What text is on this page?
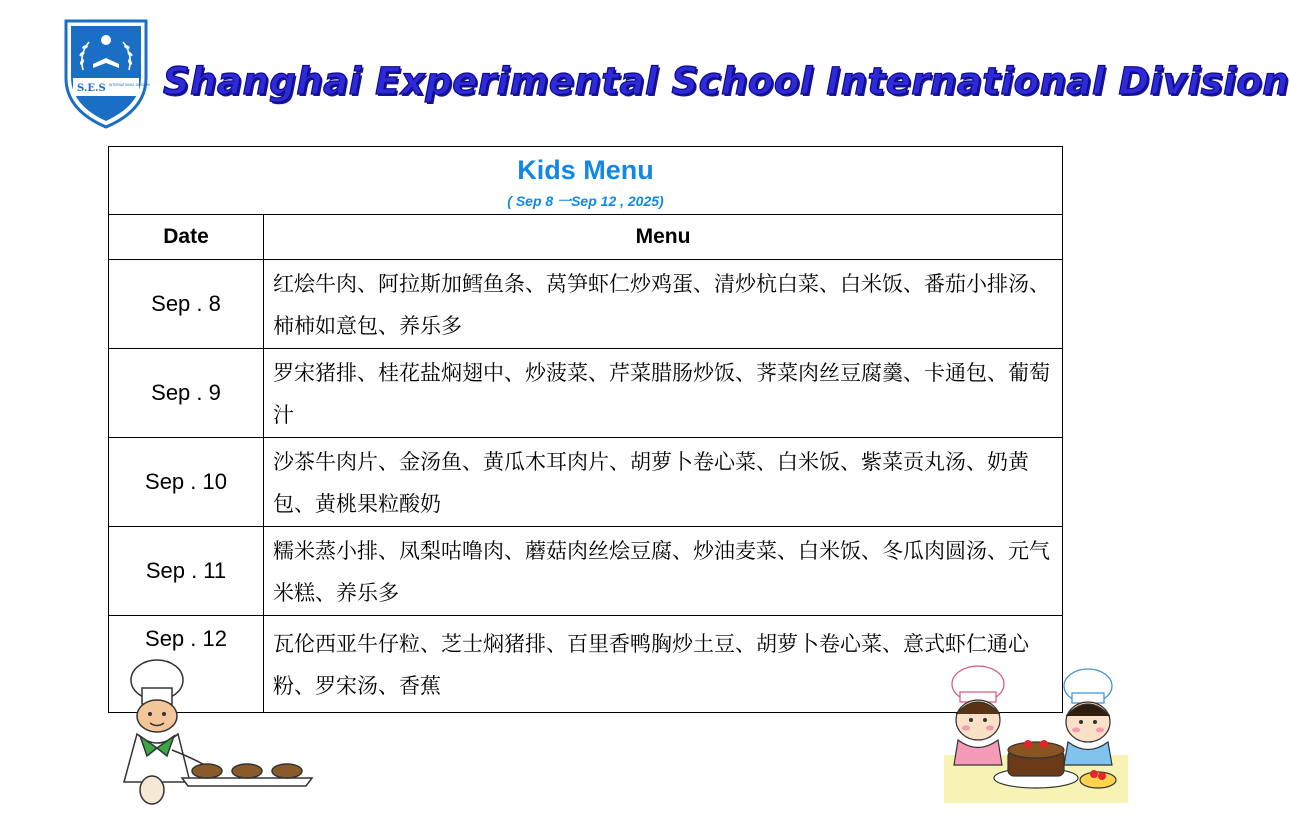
S.E.S INTERNATIONAL DIVISION Shanghai Experimental School International Division
Kids Menu
( Sep 8 一Sep 12 , 2025)	

Date	Menu
Sep . 8	红烩牛肉、阿拉斯加鳕鱼条、莴笋虾仁炒鸡蛋、清炒杭白菜、白米饭、番茄小排汤、柿柿如意包、养乐多
Sep . 9	罗宋猪排、桂花盐焖翅中、炒菠菜、芹菜腊肠炒饭、荠菜肉丝豆腐羹、卡通包、葡萄汁
Sep . 10	沙茶牛肉片、金汤鱼、黄瓜木耳肉片、胡萝卜卷心菜、白米饭、紫菜贡丸汤、奶黄包、黄桃果粒酸奶
Sep . 11	糯米蒸小排、凤梨咕噜肉、蘑菇肉丝烩豆腐、炒油麦菜、白米饭、冬瓜肉圆汤、元气米糕、养乐多
Sep . 12	瓦伦西亚牛仔粒、芝士焖猪排、百里香鸭胸炒土豆、胡萝卜卷心菜、意式虾仁通心粉、罗宋汤、香蕉
